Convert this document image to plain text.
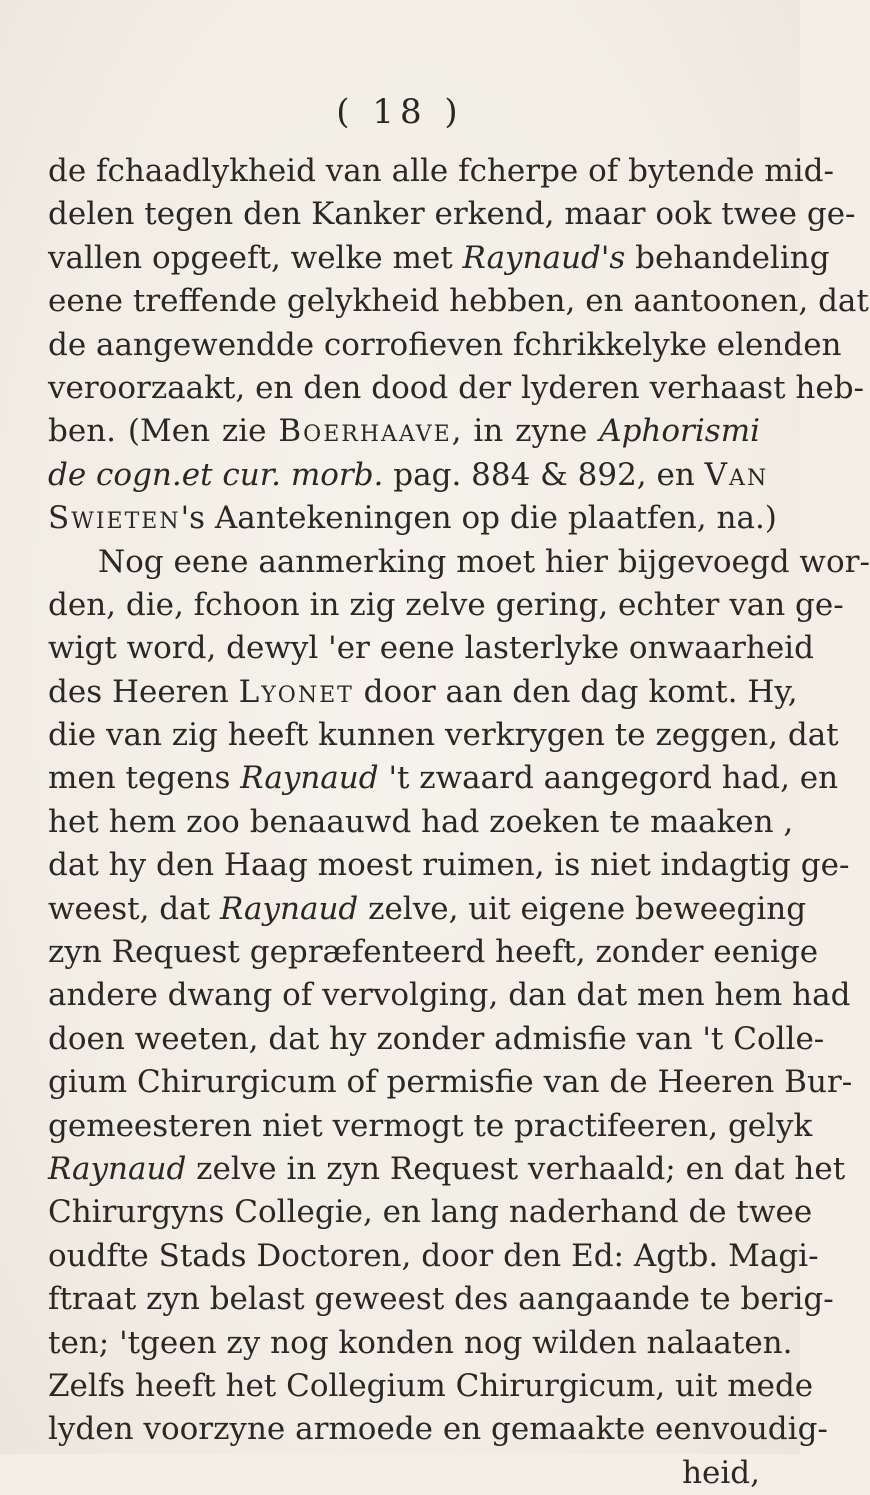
( 18 )
de fchaadlykheid van alle fcherpe of bytende mid-
delen tegen den Kanker erkend, maar ook twee ge-
vallen opgeeft, welke met Raynaud's behandeling
eene treffende gelykheid hebben, en aantoonen, dat
de aangewendde corrofieven fchrikkelyke elenden
veroorzaakt, en den dood der lyderen verhaast heb-
ben. (Men zie Boerhaave, in zyne Aphorismi
de cogn.et cur. morb. pag. 884 & 892, en Van
Swieten's Aantekeningen op die plaatfen, na.)
Nog eene aanmerking moet hier bijgevoegd wor-
den, die, fchoon in zig zelve gering, echter van ge-
wigt word, dewyl 'er eene lasterlyke onwaarheid
des Heeren Lyonet door aan den dag komt. Hy,
die van zig heeft kunnen verkrygen te zeggen, dat
men tegens Raynaud 't zwaard aangegord had, en
het hem zoo benaauwd had zoeken te maaken ,
dat hy den Haag moest ruimen, is niet indagtig ge-
weest, dat Raynaud zelve, uit eigene beweeging
zyn Request gepræfenteerd heeft, zonder eenige
andere dwang of vervolging, dan dat men hem had
doen weeten, dat hy zonder admisfie van 't Colle-
gium Chirurgicum of permisfie van de Heeren Bur-
gemeesteren niet vermogt te practifeeren, gelyk
Raynaud zelve in zyn Request verhaald; en dat het
Chirurgyns Collegie, en lang naderhand de twee
oudfte Stads Doctoren, door den Ed: Agtb. Magi-
ftraat zyn belast geweest des aangaande te berig-
ten; 'tgeen zy nog konden nog wilden nalaaten.
Zelfs heeft het Collegium Chirurgicum, uit mede
lyden voorzyne armoede en gemaakte eenvoudig-
heid,
